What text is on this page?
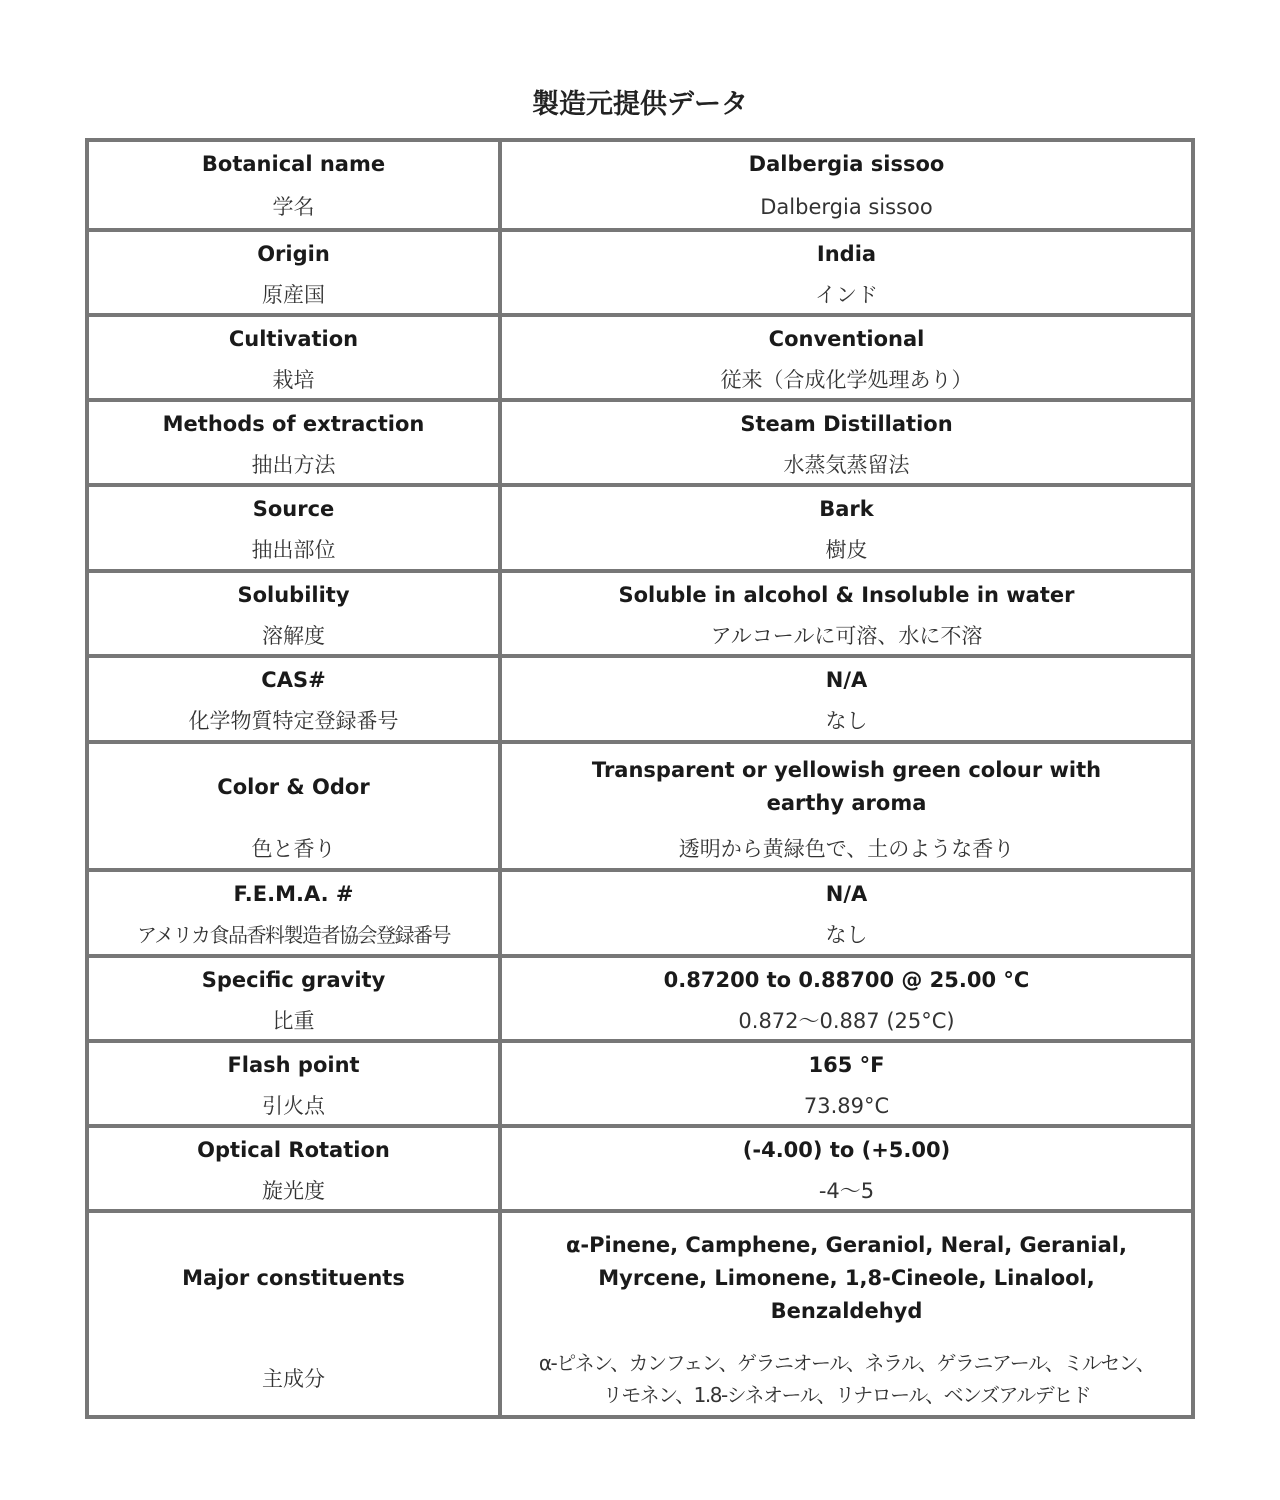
製造元提供データ
Botanical name
学名
Dalbergia sissoo
Dalbergia sissoo
Origin
原産国
India
インド
Cultivation
栽培
Conventional
従来（合成化学処理あり）
Methods of extraction
抽出方法
Steam Distillation
水蒸気蒸留法
Source
抽出部位
Bark
樹皮
Solubility
溶解度
Soluble in alcohol & Insoluble in water
アルコールに可溶、水に不溶
CAS#
化学物質特定登録番号
N/A
なし
Color & Odor
色と香り
Transparent or yellowish green colour with
earthy aroma
透明から黄緑色で、土のような香り
F.E.M.A. #
アメリカ食品香料製造者協会登録番号
N/A
なし
Specific gravity
比重
0.87200 to 0.88700 @ 25.00 °C
0.872～0.887 (25°C)
Flash point
引火点
165 °F
73.89°C
Optical Rotation
旋光度
(-4.00) to (+5.00)
-4～5
Major constituents
主成分
α-Pinene, Camphene, Geraniol, Neral, Geranial,
Myrcene, Limonene, 1,8-Cineole, Linalool,
Benzaldehyd
α-ピネン、カンフェン、ゲラニオール、ネラル、ゲラニアール、ミルセン、
リモネン、1.8-シネオール、リナロール、ベンズアルデヒド
